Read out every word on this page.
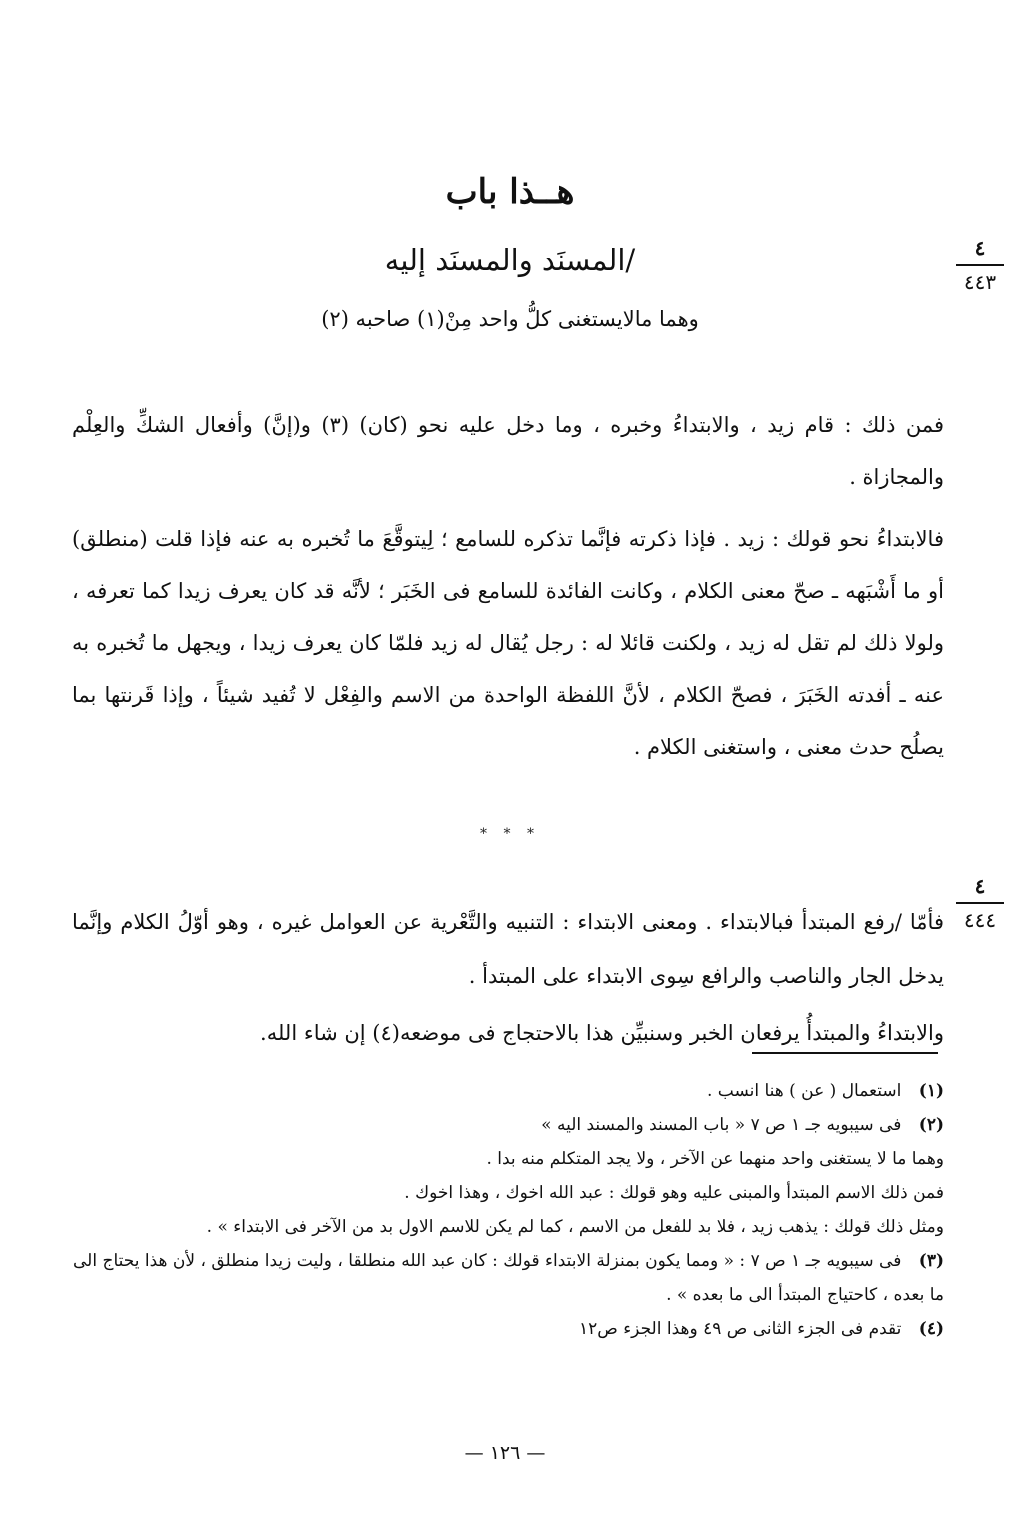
هــذا باب
/المسنَد والمسنَد إليه
وهما مالايستغنى كلُّ واحد مِنْ(١) صاحبه (٢)
٤
٤٤٣
٤
٤٤٤

فمن ذلك : قام زيد ، والابتداءُ وخبره ، وما دخل عليه نحو (كان) (٣) و(إنَّ) وأفعال الشكِّ والعِلْم والمجازاة .

فالابتداءُ نحو قولك : زيد . فإذا ذكرته فإنَّما تذكره للسامع ؛ لِيتوقَّعَ ما تُخبره به عنه فإذا قلت (منطلق) أو ما أَشْبَهه ـ صحّ معنى الكلام ، وكانت الفائدة للسامع فى الخَبَر ؛ لأنَّه قد كان يعرف زيدا كما تعرفه ، ولولا ذلك لم تقل له زيد ، ولكنت قائلا له : رجل يُقال له زيد فلمّا كان يعرف زيدا ، ويجهل ما تُخبره به عنه ـ أفدته الخَبَرَ ، فصحّ الكلام ، لأنَّ اللفظة الواحدة من الاسم والفِعْل لا تُفيد شيئاً ، وإذا قَرنتها بما يصلُح حدث معنى ، واستغنى الكلام .

* * *

فأمّا /رفع المبتدأ فبالابتداء . ومعنى الابتداء : التنبيه والتَّعْرية عن العوامل غيره ، وهو أوّلُ الكلام وإنَّما يدخل الجار والناصب والرافع سِوى الابتداء على المبتدأ .

والابتداءُ والمبتدأُ يرفعان الخبر وسنبيِّن هذا بالاحتجاج فى موضعه(٤) إن شاء الله.

(١) استعمال ( عن ) هنا انسب .

(٢) فى سيبويه جـ ١ ص ٧ « باب المسند والمسند اليه »

وهما ما لا يستغنى واحد منهما عن الآخر ، ولا يجد المتكلم منه بدا .

فمن ذلك الاسم المبتدأ والمبنى عليه وهو قولك : عبد الله اخوك ، وهذا اخوك .

ومثل ذلك قولك : يذهب زيد ، فلا بد للفعل من الاسم ، كما لم يكن للاسم الاول بد من الآخر فى الابتداء » .

(٣) فى سيبويه جـ ١ ص ٧ : « ومما يكون بمنزلة الابتداء قولك : كان عبد الله منطلقا ، وليت زيدا منطلق ، لأن هذا يحتاج الى ما بعده ، كاحتياج المبتدأ الى ما بعده » .

(٤) تقدم فى الجزء الثانى ص ٤٩ وهذا الجزء ص١٢

— ١٢٦ —
